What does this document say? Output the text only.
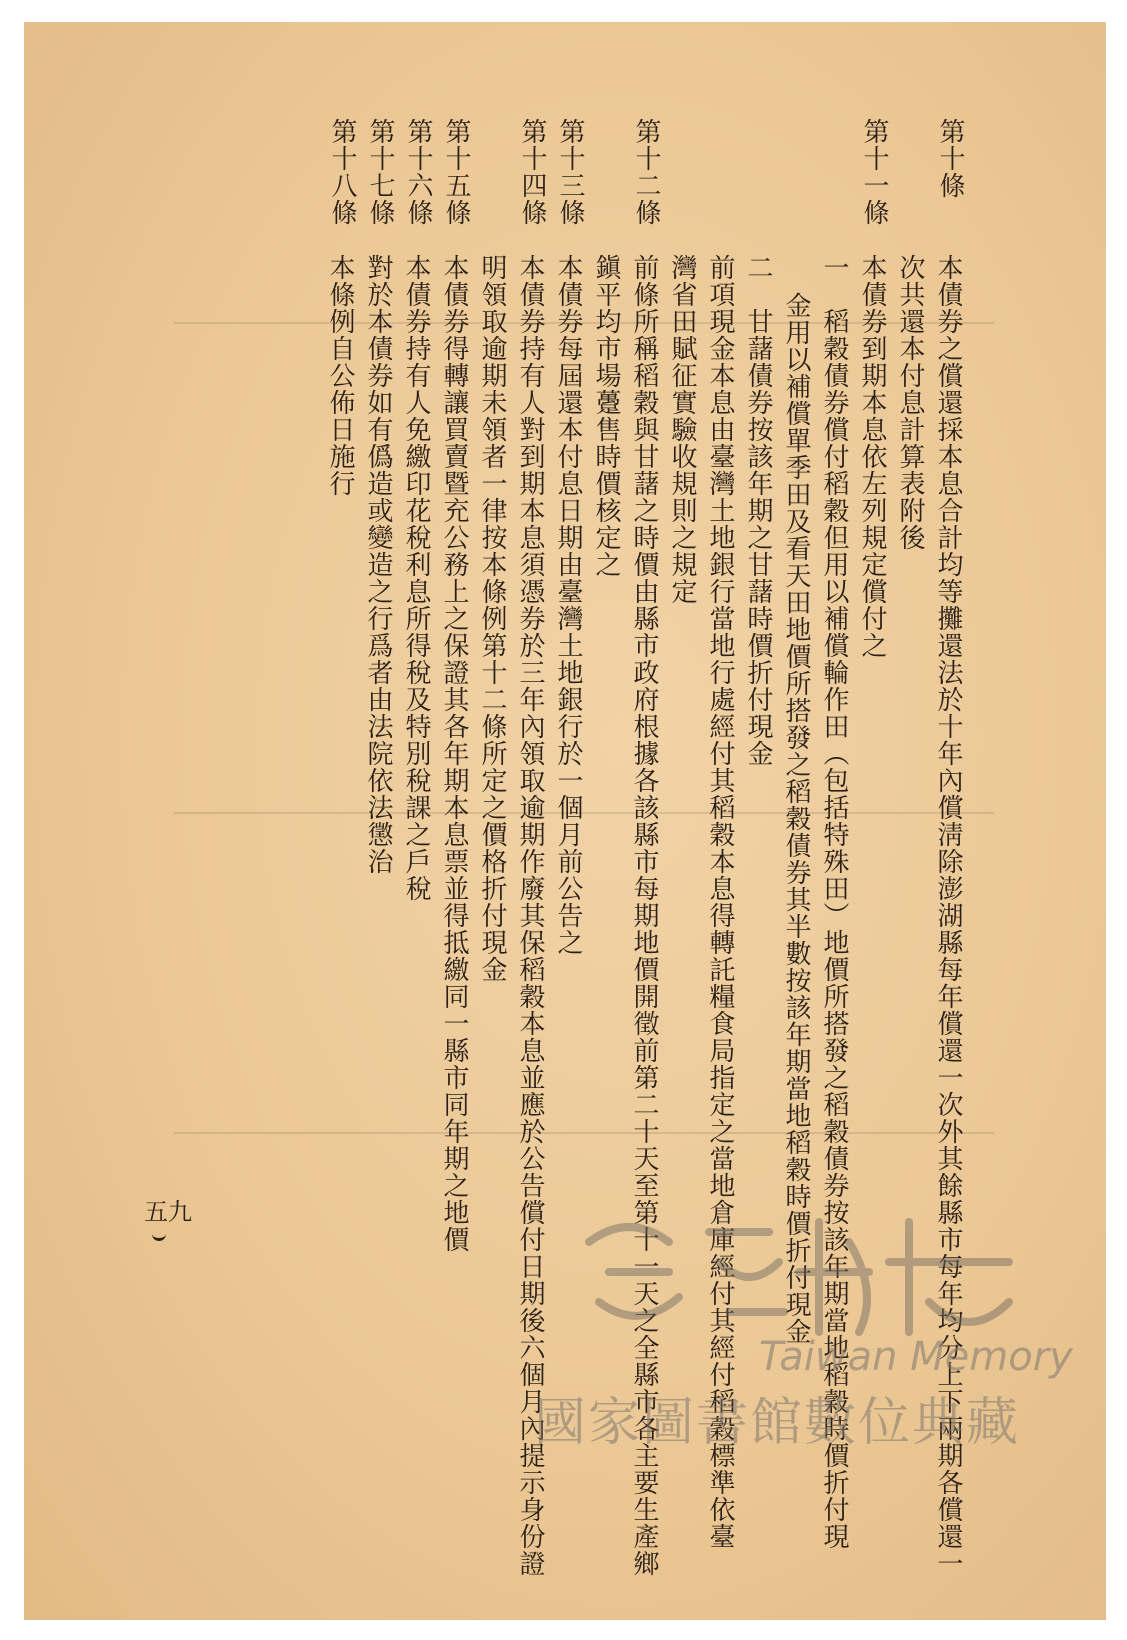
第十條
本債券之償還採本息合計均等攤還法於十年內償淸除澎湖縣每年償還一次外其餘縣市每年均分上下兩期各償還一
次共還本付息計算表附後
第十一條
本債券到期本息依左列規定償付之
一　稻穀債券償付稻穀但用以補償輪作田（包括特殊田）地價所搭發之稻穀債券按該年期當地稻穀時價折付現
金用以補償單季田及看天田地價所搭發之稻穀債券其半數按該年期當地稻穀時價折付現金
二　甘藷債券按該年期之甘藷時價折付現金
前項現金本息由臺灣土地銀行當地行處經付其稻穀本息得轉託糧食局指定之當地倉庫經付其經付稻穀標準依臺
灣省田賦征實驗收規則之規定
第十二條
前條所稱稻穀與甘藷之時價由縣市政府根據各該縣市每期地價開徵前第二十天至第十一天之全縣市各主要生產鄉
鎭平均市場躉售時價核定之
第十三條
本債券每屆還本付息日期由臺灣土地銀行於一個月前公告之
第十四條
本債券持有人對到期本息須憑券於三年內領取逾期作廢其保稻穀本息並應於公告償付日期後六個月內提示身份證
明領取逾期未領者一律按本條例第十二條所定之價格折付現金
第十五條
本債券得轉讓買賣暨充公務上之保證其各年期本息票並得抵繳同一縣市同年期之地價
第十六條
本債券持有人免繳印花稅利息所得稅及特別稅課之戶稅
第十七條
對於本債券如有僞造或變造之行爲者由法院依法懲治
第十八條
本條例自公佈日施行
五九
Taiwan Memory
國家圖書館數位典藏
